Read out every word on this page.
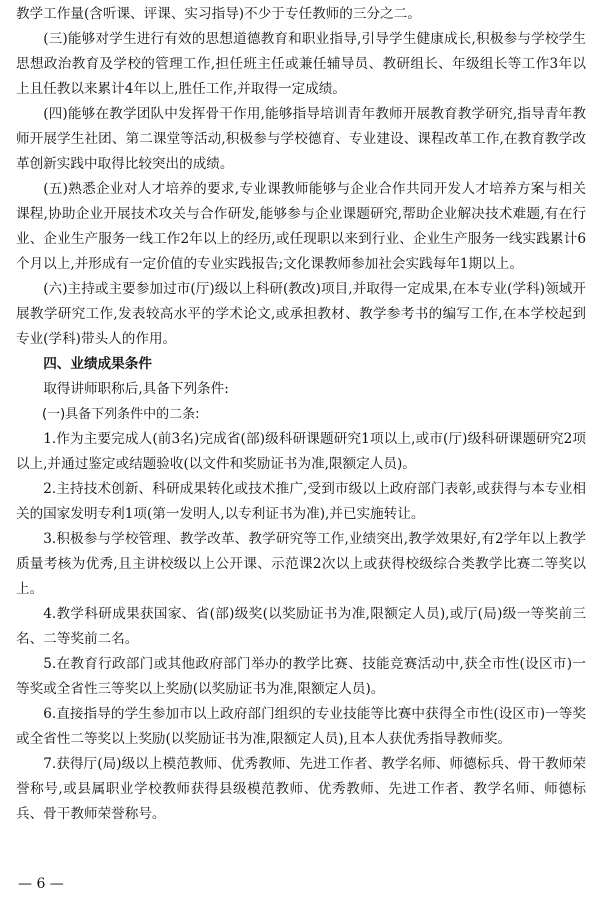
教学工作量(含听课、评课、实习指导)不少于专任教师的三分之二。

(三)能够对学生进行有效的思想道德教育和职业指导,引导学生健康成长,积极参与学校学生思想政治教育及学校的管理工作,担任班主任或兼任辅导员、教研组长、年级组长等工作3年以上且任教以来累计4年以上,胜任工作,并取得一定成绩。

(四)能够在教学团队中发挥骨干作用,能够指导培训青年教师开展教育教学研究,指导青年教师开展学生社团、第二课堂等活动,积极参与学校德育、专业建设、课程改革工作,在教育教学改革创新实践中取得比较突出的成绩。

(五)熟悉企业对人才培养的要求,专业课教师能够与企业合作共同开发人才培养方案与相关课程,协助企业开展技术攻关与合作研发,能够参与企业课题研究,帮助企业解决技术难题,有在行业、企业生产服务一线工作2年以上的经历,或任现职以来到行业、企业生产服务一线实践累计6个月以上,并形成有一定价值的专业实践报告;文化课教师参加社会实践每年1期以上。

(六)主持或主要参加过市(厅)级以上科研(教改)项目,并取得一定成果,在本专业(学科)领域开展教学研究工作,发表较高水平的学术论文,或承担教材、教学参考书的编写工作,在本学校起到专业(学科)带头人的作用。

四、业绩成果条件

取得讲师职称后,具备下列条件:

(一)具备下列条件中的二条:

1.作为主要完成人(前3名)完成省(部)级科研课题研究1项以上,或市(厅)级科研课题研究2项以上,并通过鉴定或结题验收(以文件和奖励证书为准,限额定人员)。

2.主持技术创新、科研成果转化或技术推广,受到市级以上政府部门表彰,或获得与本专业相关的国家发明专利1项(第一发明人,以专利证书为准),并已实施转让。

3.积极参与学校管理、教学改革、教学研究等工作,业绩突出,教学效果好,有2学年以上教学质量考核为优秀,且主讲校级以上公开课、示范课2次以上或获得校级综合类教学比赛二等奖以上。

4.教学科研成果获国家、省(部)级奖(以奖励证书为准,限额定人员),或厅(局)级一等奖前三名、二等奖前二名。

5.在教育行政部门或其他政府部门举办的教学比赛、技能竞赛活动中,获全市性(设区市)一等奖或全省性三等奖以上奖励(以奖励证书为准,限额定人员)。

6.直接指导的学生参加市以上政府部门组织的专业技能等比赛中获得全市性(设区市)一等奖或全省性二等奖以上奖励(以奖励证书为准,限额定人员),且本人获优秀指导教师奖。

7.获得厅(局)级以上模范教师、优秀教师、先进工作者、教学名师、师德标兵、骨干教师荣誉称号,或县属职业学校教师获得县级模范教师、优秀教师、先进工作者、教学名师、师德标兵、骨干教师荣誉称号。

— 6 —
